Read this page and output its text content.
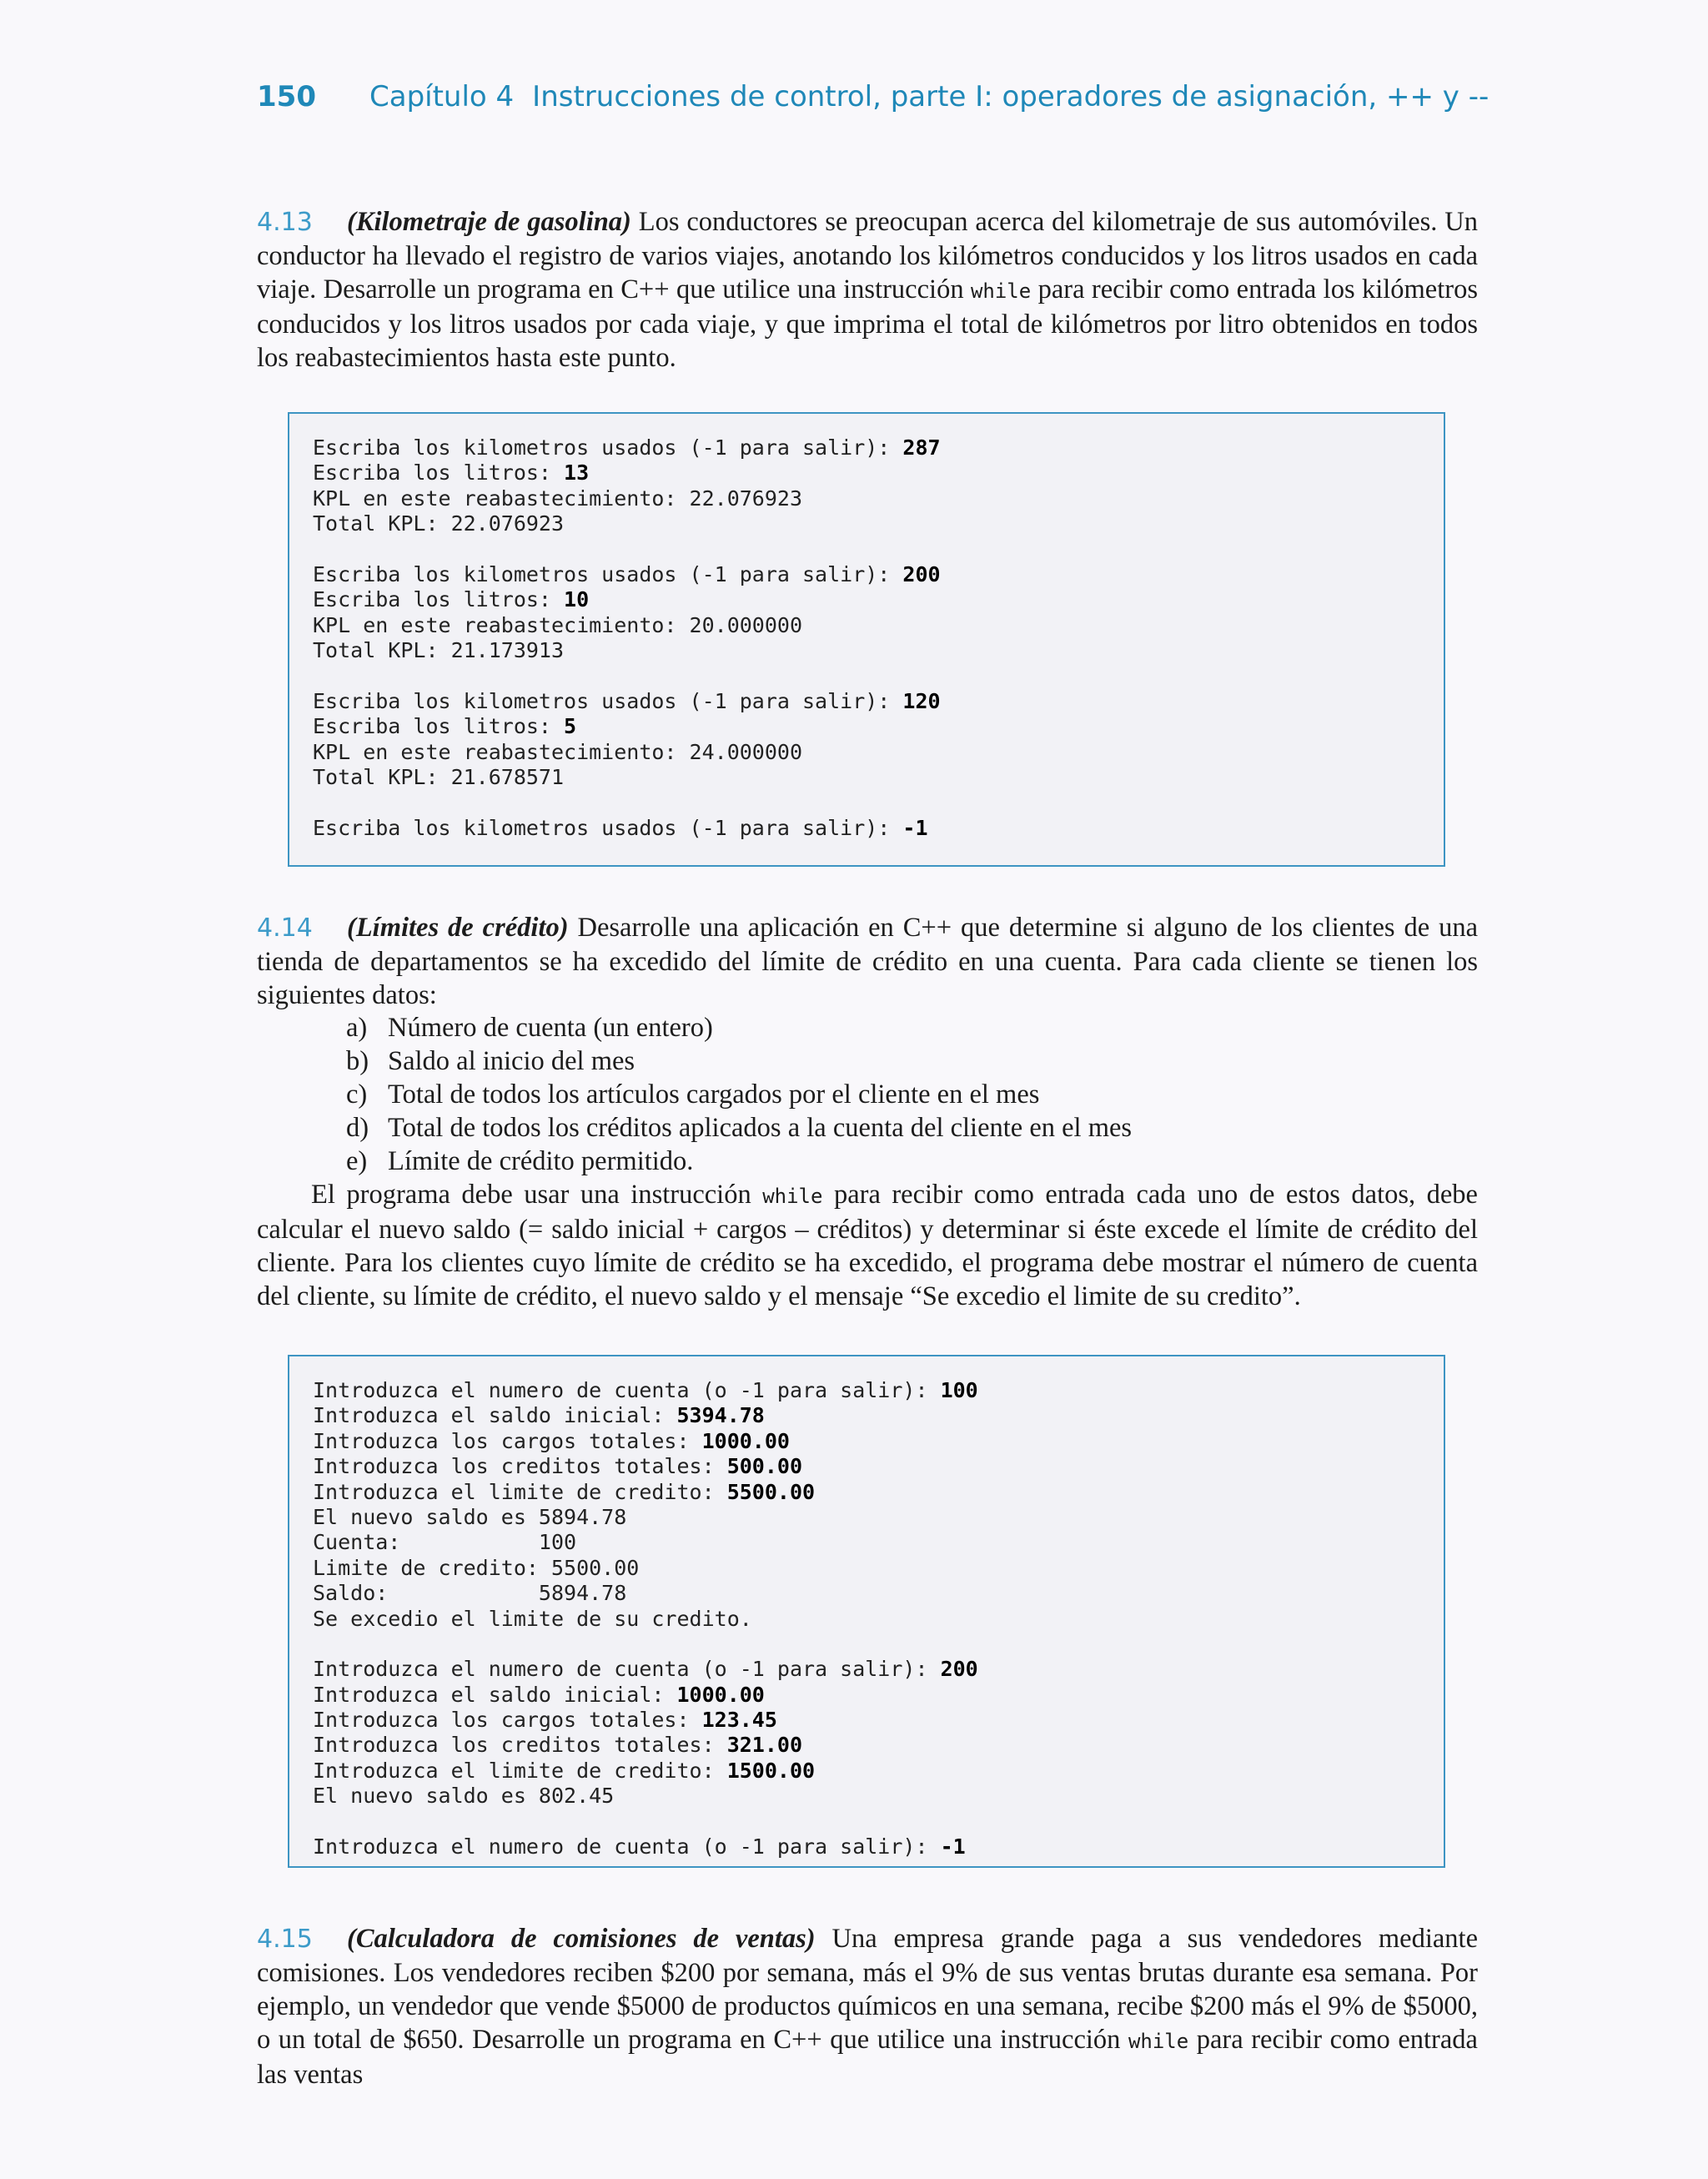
150 Capítulo 4 Instrucciones de control, parte I: operadores de asignación, ++ y --
4.13 (Kilometraje de gasolina) Los conductores se preocupan acerca del kilometraje de sus automóviles. Un conductor ha llevado el registro de varios viajes, anotando los kilómetros conducidos y los litros usados en cada viaje. Desarrolle un programa en C++ que utilice una instrucción while para recibir como entrada los kilómetros conducidos y los litros usados por cada viaje, y que imprima el total de kilómetros por litro obtenidos en todos los reabastecimientos hasta este punto.
Escriba los kilometros usados (-1 para salir): 287
Escriba los litros: 13
KPL en este reabastecimiento: 22.076923
Total KPL: 22.076923
Escriba los kilometros usados (-1 para salir): 200
Escriba los litros: 10
KPL en este reabastecimiento: 20.000000
Total KPL: 21.173913
Escriba los kilometros usados (-1 para salir): 120
Escriba los litros: 5
KPL en este reabastecimiento: 24.000000
Total KPL: 21.678571
Escriba los kilometros usados (-1 para salir): -1
4.14 (Límites de crédito) Desarrolle una aplicación en C++ que determine si alguno de los clientes de una tienda de departamentos se ha excedido del límite de crédito en una cuenta. Para cada cliente se tienen los siguientes datos:
a) Número de cuenta (un entero)
b) Saldo al inicio del mes
c) Total de todos los artículos cargados por el cliente en el mes
d) Total de todos los créditos aplicados a la cuenta del cliente en el mes
e) Límite de crédito permitido.
El programa debe usar una instrucción while para recibir como entrada cada uno de estos datos, debe calcular el nuevo saldo (= saldo inicial + cargos – créditos) y determinar si éste excede el límite de crédito del cliente. Para los clientes cuyo límite de crédito se ha excedido, el programa debe mostrar el número de cuenta del cliente, su límite de crédito, el nuevo saldo y el mensaje “Se excedio el limite de su credito”.
Introduzca el numero de cuenta (o -1 para salir): 100
Introduzca el saldo inicial: 5394.78
Introduzca los cargos totales: 1000.00
Introduzca los creditos totales: 500.00
Introduzca el limite de credito: 5500.00
El nuevo saldo es 5894.78
Cuenta:           100
Limite de credito: 5500.00
Saldo:            5894.78
Se excedio el limite de su credito.
Introduzca el numero de cuenta (o -1 para salir): 200
Introduzca el saldo inicial: 1000.00
Introduzca los cargos totales: 123.45
Introduzca los creditos totales: 321.00
Introduzca el limite de credito: 1500.00
El nuevo saldo es 802.45
Introduzca el numero de cuenta (o -1 para salir): -1
4.15 (Calculadora de comisiones de ventas) Una empresa grande paga a sus vendedores mediante comisiones. Los vendedores reciben $200 por semana, más el 9% de sus ventas brutas durante esa semana. Por ejemplo, un vendedor que vende $5000 de productos químicos en una semana, recibe $200 más el 9% de $5000, o un total de $650. Desarrolle un programa en C++ que utilice una instrucción while para recibir como entrada las ventas
